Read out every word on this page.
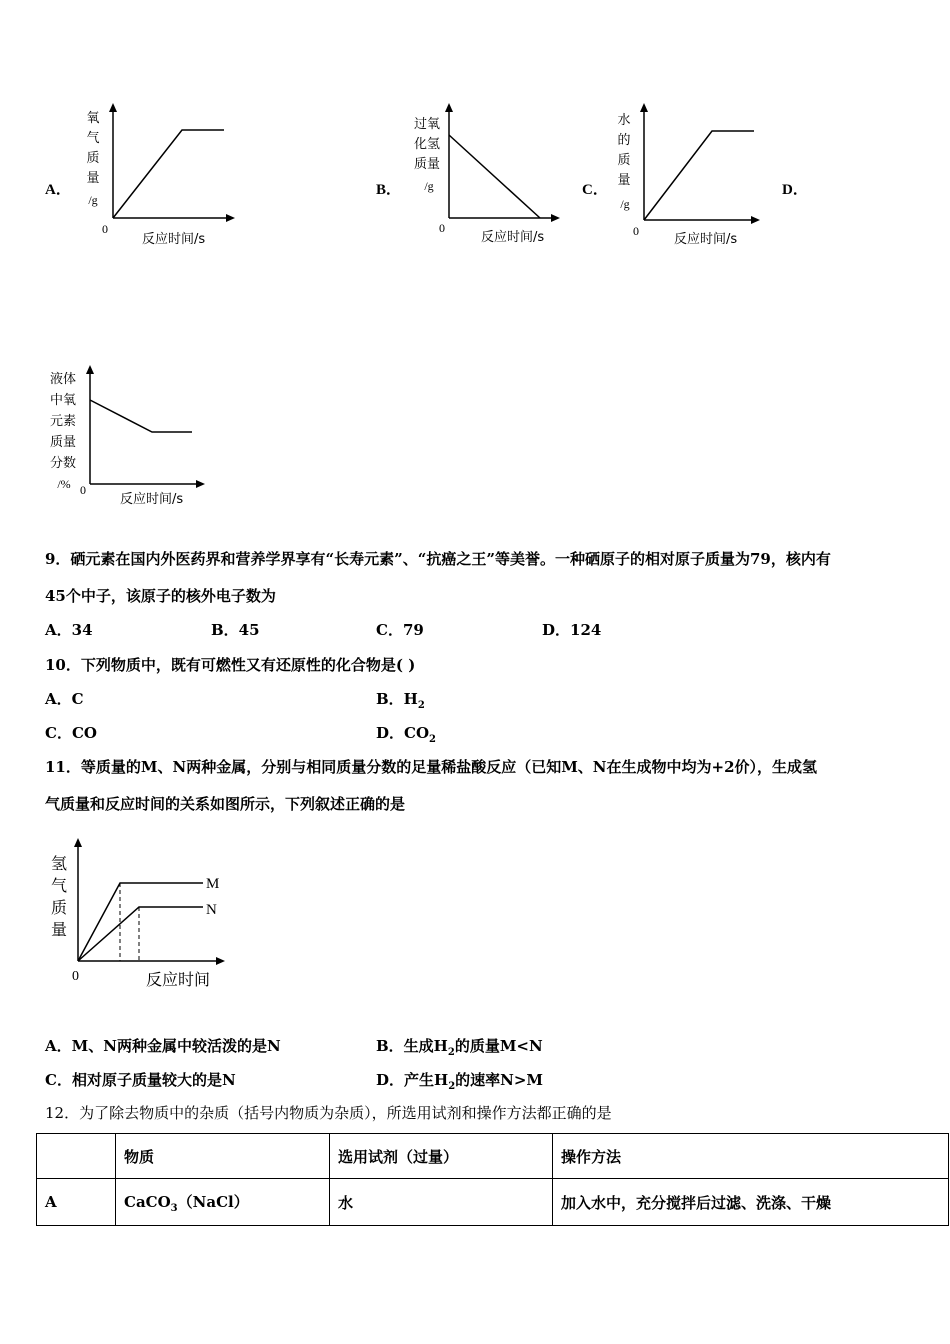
A．	B．	C．	D．
氧
气
质
量
/g
0
反应时间/s
过氧
化氢
质量
/g
0
反应时间/s
水
的
质
量
/g
0
反应时间/s
液体
中氧
元素
质量
分数
/% 0
反应时间/s
9．硒元素在国内外医药界和营养学界享有“长寿元素”、“抗癌之王”等美誉。一种硒原子的相对原子质量为79，核内有
45个中子，该原子的核外电子数为
A．34	B．45	C．79	D．124
10．下列物质中，既有可燃性又有还原性的化合物是( )
A．C	B．$H_2$
C．CO	D．$CO_2$
11．等质量的M、N两种金属，分别与相同质量分数的足量稀盐酸反应（已知M、N在生成物中均为+2价），生成氢
气质量和反应时间的关系如图所示，下列叙述正确的是
M
N
氢
气
质
量
0	反应时间
A．M、N两种金属中较活泼的是N	B．生成$H_2$的质量M<N
C．相对原子质量较大的是N	D．产生$H_2$的速率N>M
12．为了除去物质中的杂质（括号内物质为杂质），所选用试剂和操作方法都正确的是
	物质	选用试剂（过量）	操作方法
A	CaCO$_3$（NaCl）	水	加入水中，充分搅拌后过滤、洗涤、干燥
